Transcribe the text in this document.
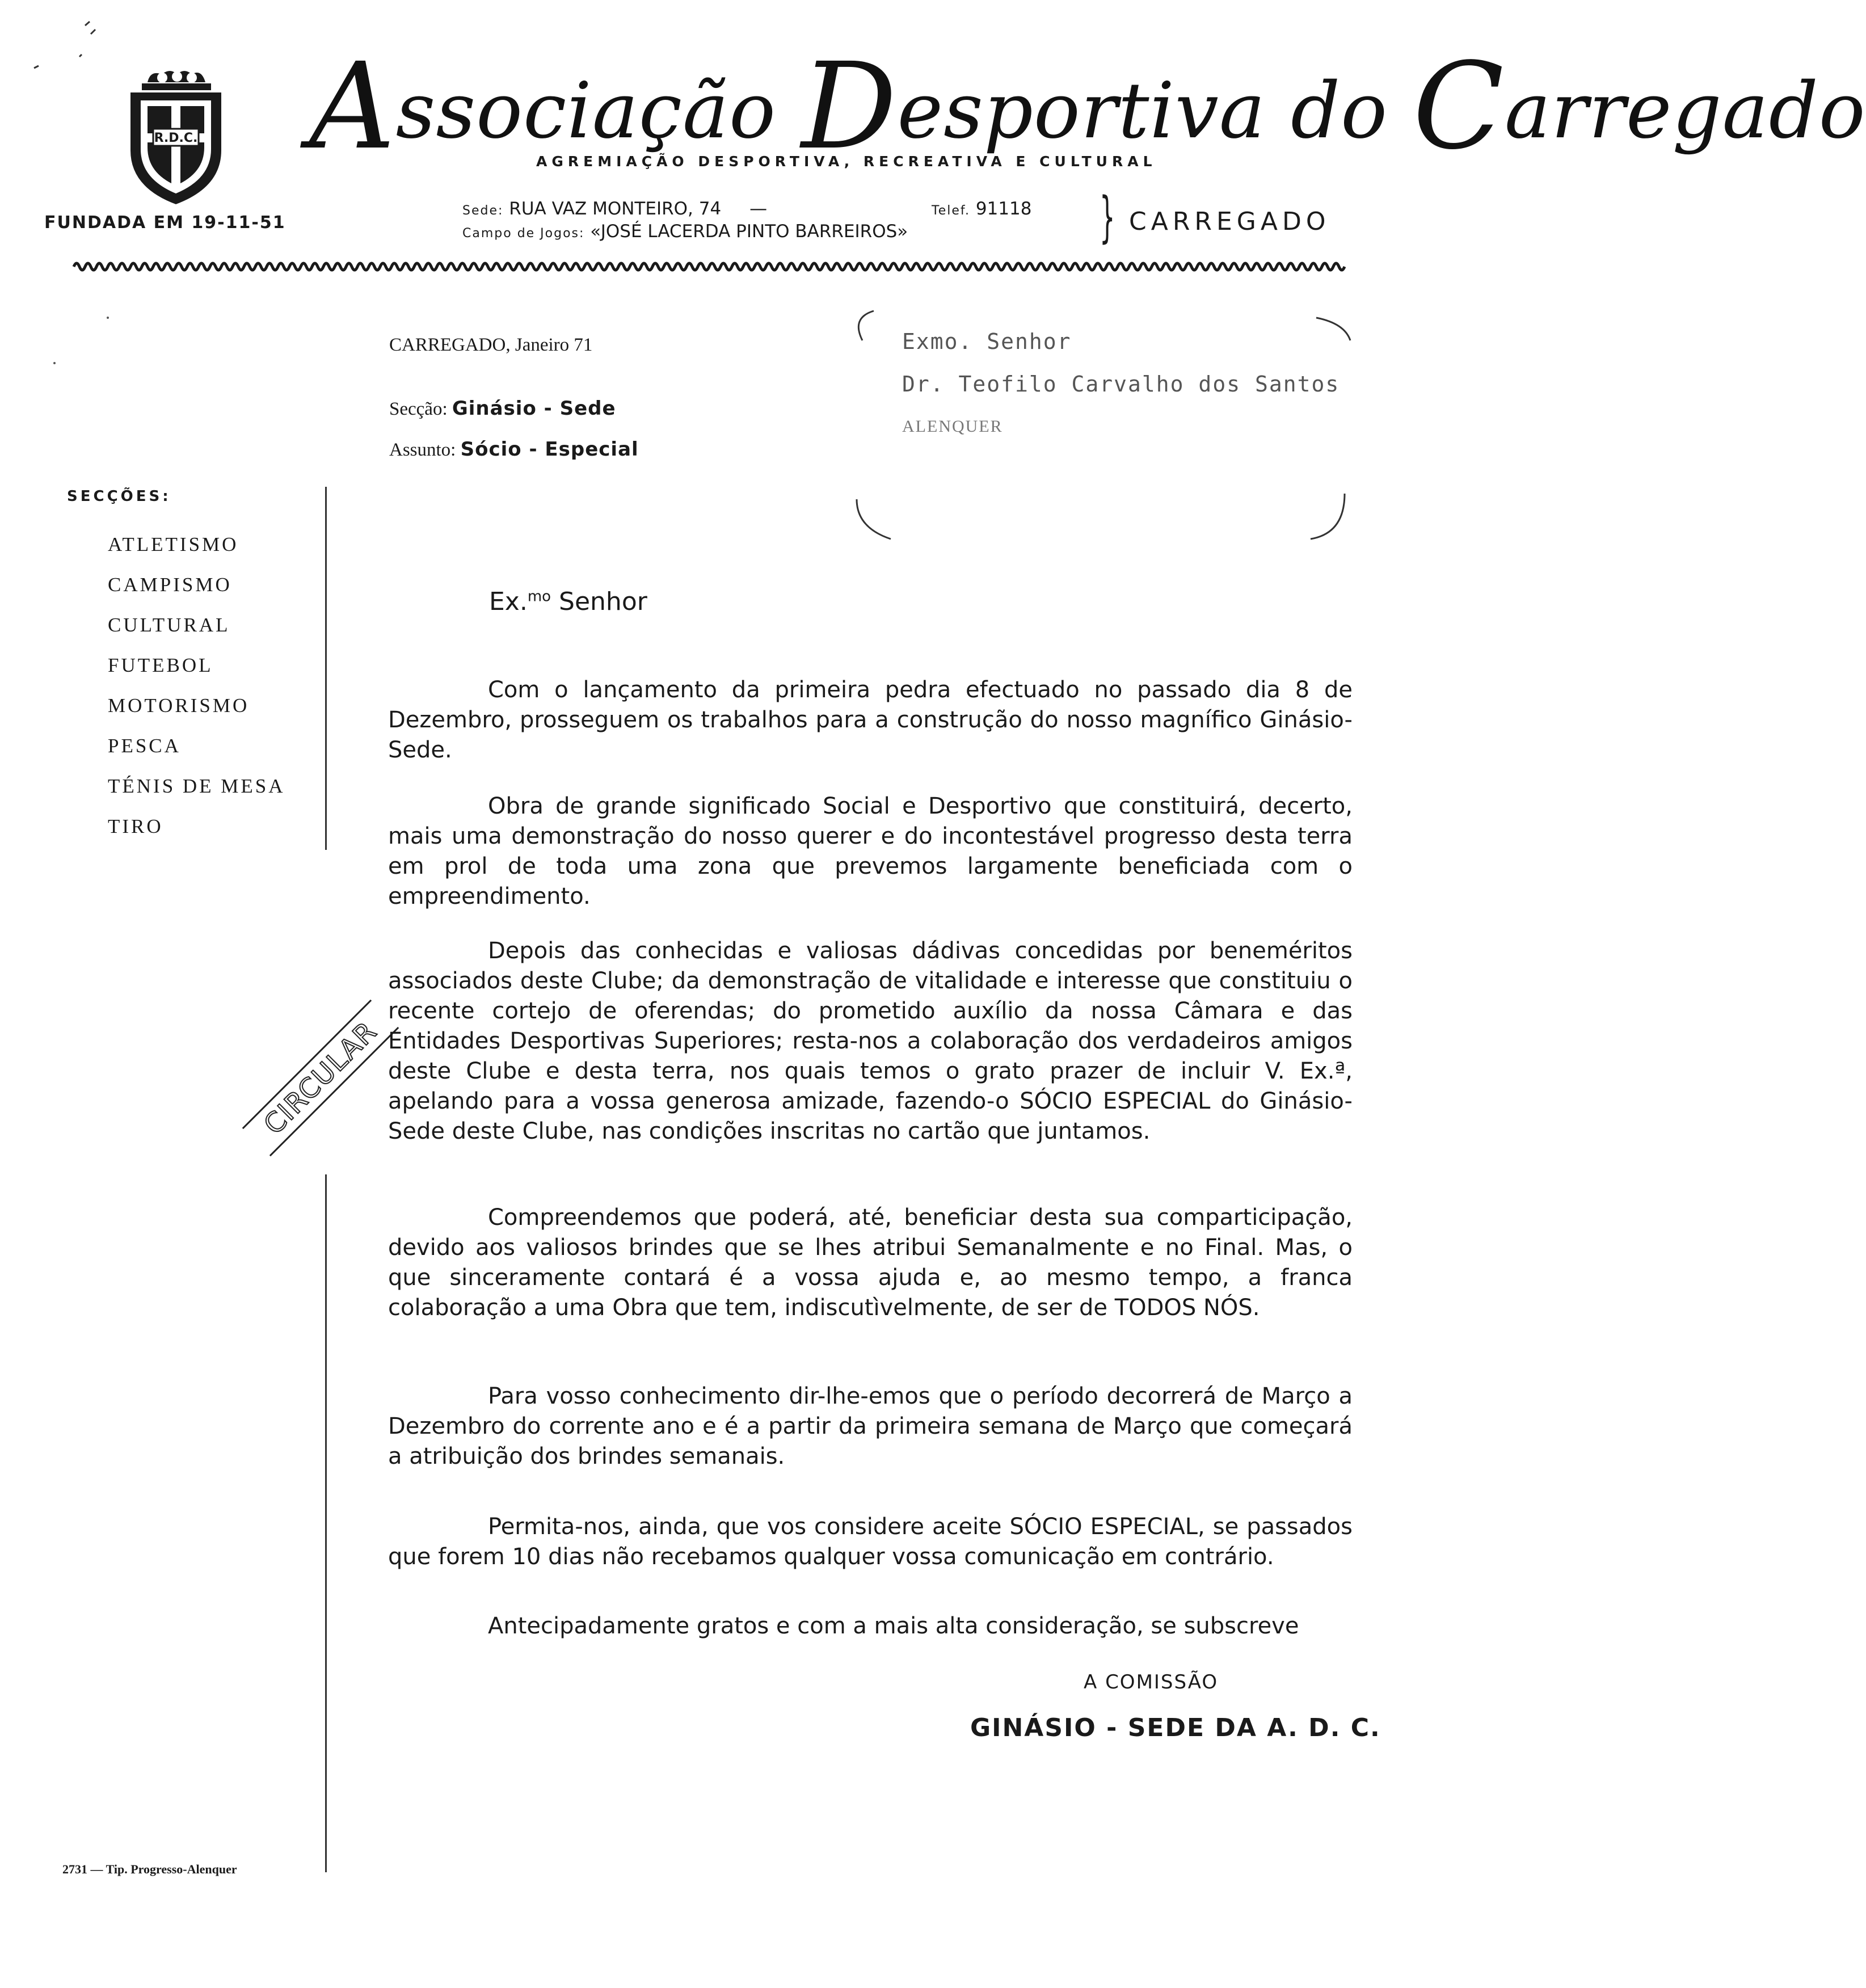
R.D.C.
FUNDADA EM 19-11-51
Associação Desportiva do Carregado
AGREMIAÇÃO DESPORTIVA, RECREATIVA E CULTURAL
Sede: RUA VAZ MONTEIRO, 74 —	Telef. 91118
Campo de Jogos: «JOSÉ LACERDA PINTO BARREIROS»	} CARREGADO
CARREGADO, Janeiro 71
Secção: Ginásio - Sede
Assunto: Sócio - Especial
Exmo. Senhor
Dr. Teofilo Carvalho dos Santos
ALENQUER
SECÇÕES:
ATLETISMO
CAMPISMO
CULTURAL
FUTEBOL
MOTORISMO
PESCA
TÉNIS DE MESA
TIRO
CIRCULAR
2731 — Tip. Progresso-Alenquer
Ex.$^{mo}$ Senhor

Com o lançamento da primeira pedra efectuado no passado dia 8 de Dezembro, prosseguem os trabalhos para a construção do nosso magnífico Ginásio-Sede.

Obra de grande significado Social e Desportivo que constituirá, decerto, mais uma demonstração do nosso querer e do incontestável progresso desta terra em prol de toda uma zona que prevemos largamente beneficiada com o empreendimento.

Depois das conhecidas e valiosas dádivas concedidas por beneméritos associados deste Clube; da demonstração de vitalidade e interesse que constituiu o recente cortejo de oferendas; do prometido auxílio da nossa Câmara e das Entidades Desportivas Superiores; resta-nos a colaboração dos verdadeiros amigos deste Clube e desta terra, nos quais temos o grato prazer de incluir V. Ex.ª, apelando para a vossa generosa amizade, fazendo-o SÓCIO ESPECIAL do Ginásio-Sede deste Clube, nas condições inscritas no cartão que juntamos.

Compreendemos que poderá, até, beneficiar desta sua comparticipação, devido aos valiosos brindes que se lhes atribui Semanalmente e no Final. Mas, o que sinceramente contará é a vossa ajuda e, ao mesmo tempo, a franca colaboração a uma Obra que tem, indiscutìvelmente, de ser de TODOS NÓS.

Para vosso conhecimento dir-lhe-emos que o período decorrerá de Março a Dezembro do corrente ano e é a partir da primeira semana de Março que começará a atribuição dos brindes semanais.

Permita-nos, ainda, que vos considere aceite SÓCIO ESPECIAL, se passados que forem 10 dias não recebamos qualquer vossa comunicação em contrário.

Antecipadamente gratos e com a mais alta consideração, se subscreve
A COMISSÃO
GINÁSIO - SEDE DA A. D. C.
